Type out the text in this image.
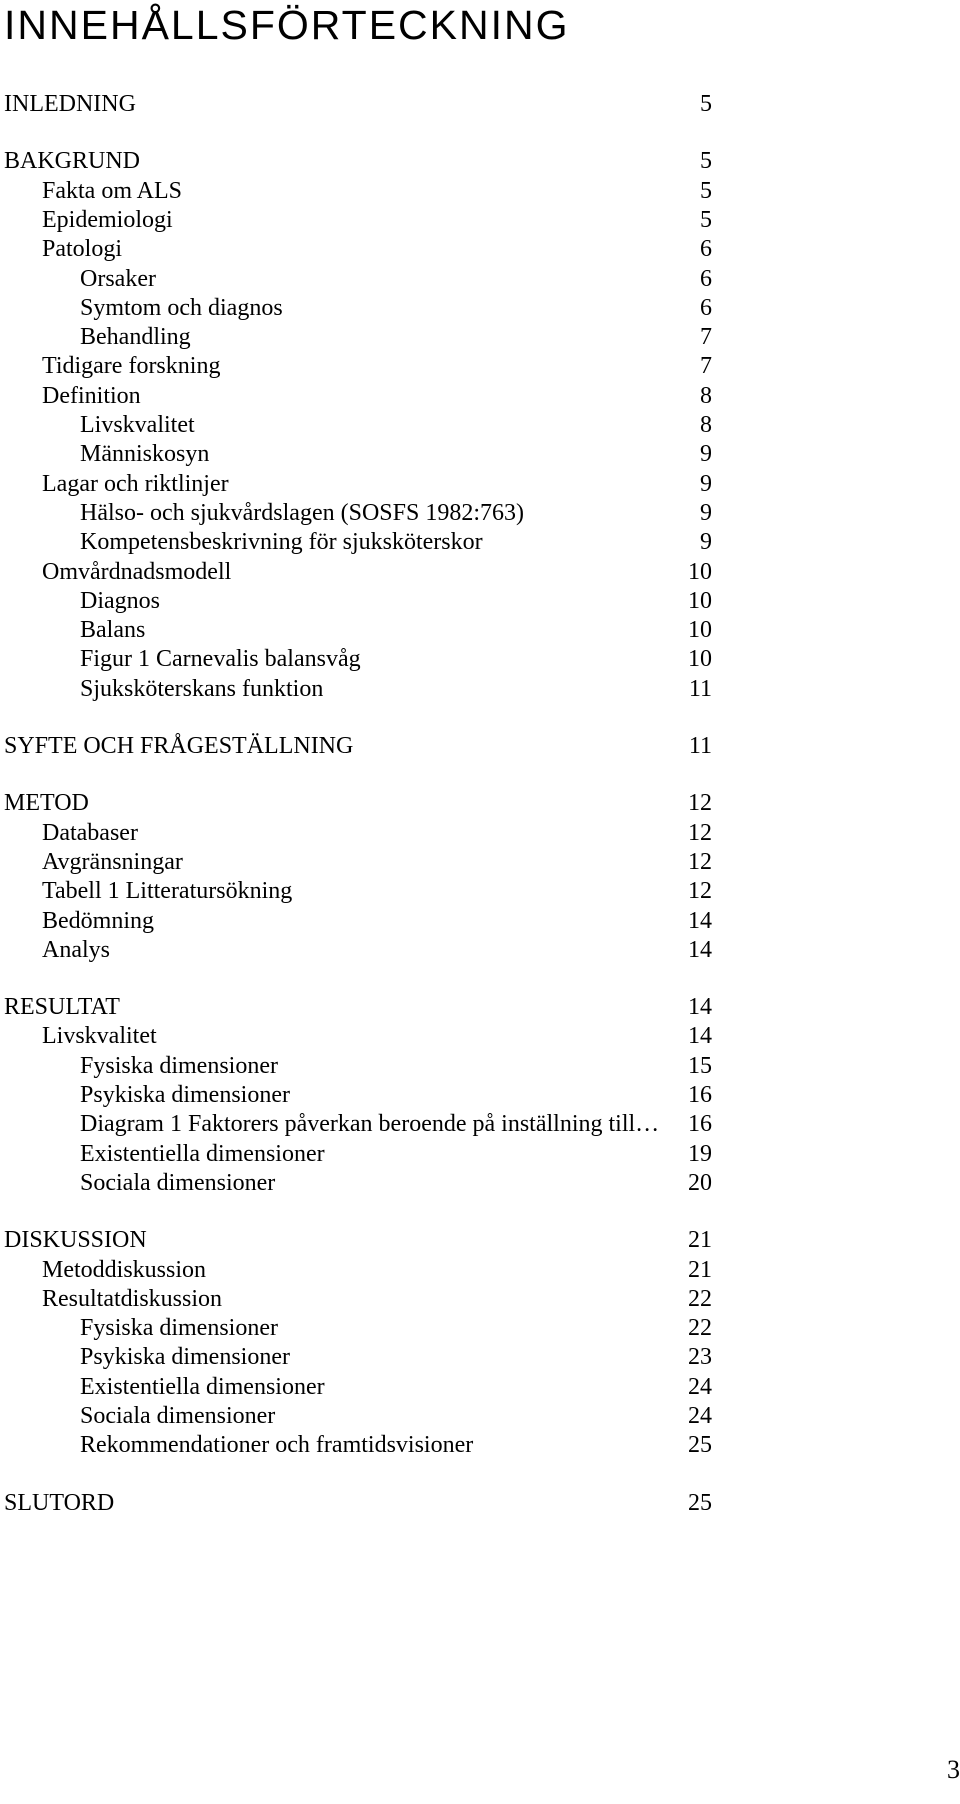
INNEHÅLLSFÖRTECKNING
INLEDNING	5
BAKGRUND	5
Fakta om ALS	5
Epidemiologi	5
Patologi	6
Orsaker	6
Symtom och diagnos	6
Behandling	7
Tidigare forskning	7
Definition	8
Livskvalitet	8
Människosyn	9
Lagar och riktlinjer	9
Hälso- och sjukvårdslagen (SOSFS 1982:763)	9
Kompetensbeskrivning för sjuksköterskor	9
Omvårdnadsmodell	10
Diagnos	10
Balans	10
Figur 1 Carnevalis balansvåg	10
Sjuksköterskans funktion	11
SYFTE OCH FRÅGESTÄLLNING	11
METOD	12
Databaser	12
Avgränsningar	12
Tabell 1 Litteratursökning	12
Bedömning	14
Analys	14
RESULTAT	14
Livskvalitet	14
Fysiska dimensioner	15
Psykiska dimensioner	16
Diagram 1 Faktorers påverkan beroende på inställning till…	16
Existentiella dimensioner	19
Sociala dimensioner	20
DISKUSSION	21
Metoddiskussion	21
Resultatdiskussion	22
Fysiska dimensioner	22
Psykiska dimensioner	23
Existentiella dimensioner	24
Sociala dimensioner	24
Rekommendationer och framtidsvisioner	25
SLUTORD	25
3
